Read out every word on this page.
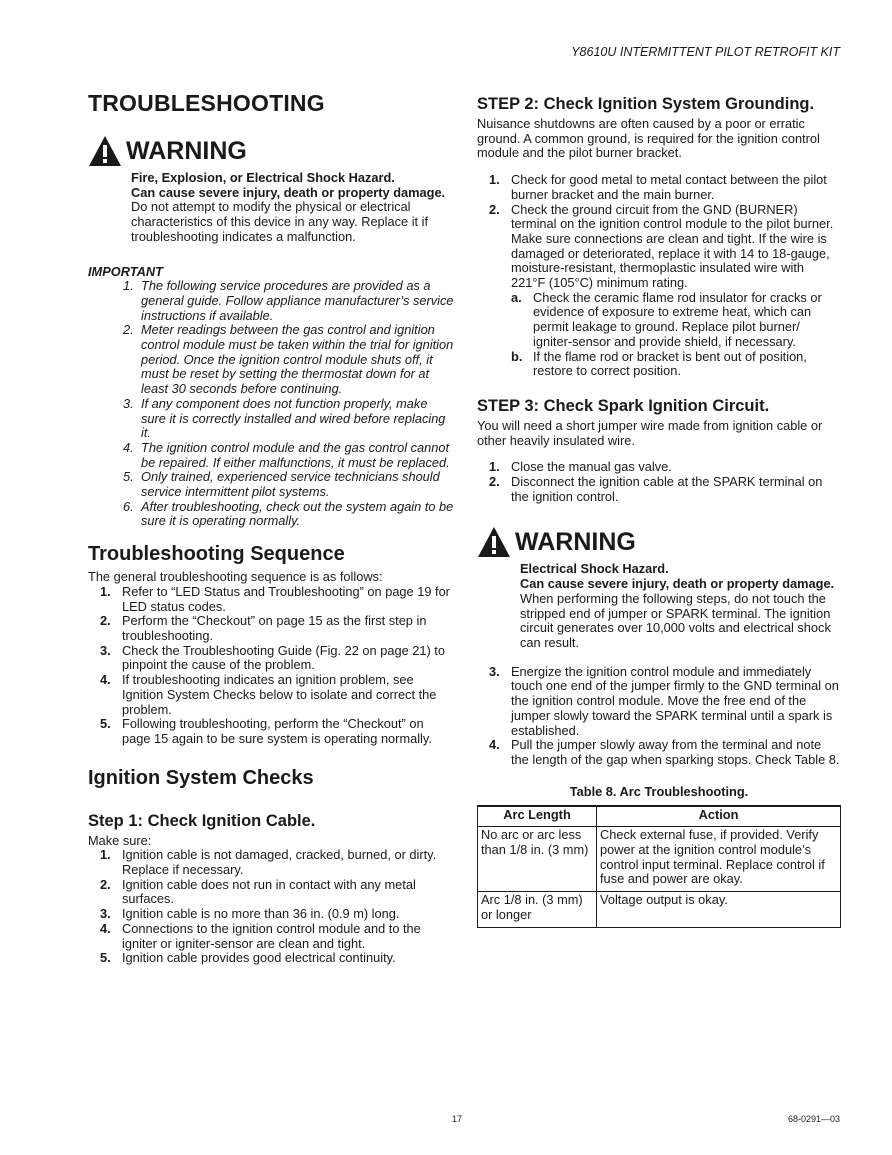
Y8610U INTERMITTENT PILOT RETROFIT KIT
TROUBLESHOOTING
WARNING
Fire, Explosion, or Electrical Shock Hazard.
Can cause severe injury, death or property damage.
Do not attempt to modify the physical or electrical characteristics of this device in any way. Replace it if troubleshooting indicates a malfunction.
IMPORTANT
1. The following service procedures are provided as a general guide. Follow appliance manufacturer’s service instructions if available.
2. Meter readings between the gas control and ignition control module must be taken within the trial for ignition period. Once the ignition control module shuts off, it must be reset by setting the thermostat down for at least 30 seconds before continuing.
3. If any component does not function properly, make sure it is correctly installed and wired before replacing it.
4. The ignition control module and the gas control cannot be repaired. If either malfunctions, it must be replaced.
5. Only trained, experienced service technicians should service intermittent pilot systems.
6. After troubleshooting, check out the system again to be sure it is operating normally.
Troubleshooting Sequence

The general troubleshooting sequence is as follows:

1. Refer to “LED Status and Troubleshooting” on page 19 for LED status codes.
2. Perform the “Checkout” on page 15 as the first step in troubleshooting.
3. Check the Troubleshooting Guide (Fig. 22 on page 21) to pinpoint the cause of the problem.
4. If troubleshooting indicates an ignition problem, see Ignition System Checks below to isolate and correct the problem.
5. Following troubleshooting, perform the “Checkout” on page 15 again to be sure system is operating normally.
Ignition System Checks
Step 1: Check Ignition Cable.

Make sure:

1. Ignition cable is not damaged, cracked, burned, or dirty. Replace if necessary.
2. Ignition cable does not run in contact with any metal surfaces.
3. Ignition cable is no more than 36 in. (0.9 m) long.
4. Connections to the ignition control module and to the igniter or igniter-sensor are clean and tight.
5. Ignition cable provides good electrical continuity.
STEP 2: Check Ignition System Grounding.

Nuisance shutdowns are often caused by a poor or erratic ground. A common ground, is required for the ignition control module and the pilot burner bracket.

1. Check for good metal to metal contact between the pilot burner bracket and the main burner.
2. Check the ground circuit from the GND (BURNER) terminal on the ignition control module to the pilot burner. Make sure connections are clean and tight. If the wire is damaged or deteriorated, replace it with 14 to 18-gauge, moisture-resistant, thermoplastic insulated wire with 221°F (105°C) minimum rating.
a. Check the ceramic flame rod insulator for cracks or evidence of exposure to extreme heat, which can permit leakage to ground. Replace pilot burner/ igniter-sensor and provide shield, if necessary.
b. If the flame rod or bracket is bent out of position, restore to correct position.
STEP 3: Check Spark Ignition Circuit.

You will need a short jumper wire made from ignition cable or other heavily insulated wire.

1. Close the manual gas valve.
2. Disconnect the ignition cable at the SPARK terminal on the ignition control.
WARNING
Electrical Shock Hazard.
Can cause severe injury, death or property damage.
When performing the following steps, do not touch the stripped end of jumper or SPARK terminal. The ignition circuit generates over 10,000 volts and electrical shock can result.
3. Energize the ignition control module and immediately touch one end of the jumper firmly to the GND terminal on the ignition control module. Move the free end of the jumper slowly toward the SPARK terminal until a spark is established.
4. Pull the jumper slowly away from the terminal and note the length of the gap when sparking stops. Check Table 8.
Table 8. Arc Troubleshooting.
Arc Length	Action
No arc or arc less than 1/8 in. (3 mm)	Check external fuse, if provided. Verify power at the ignition control module’s control input terminal. Replace control if fuse and power are okay.
Arc 1/8 in. (3 mm) or longer	Voltage output is okay.
17	68-0291—03
